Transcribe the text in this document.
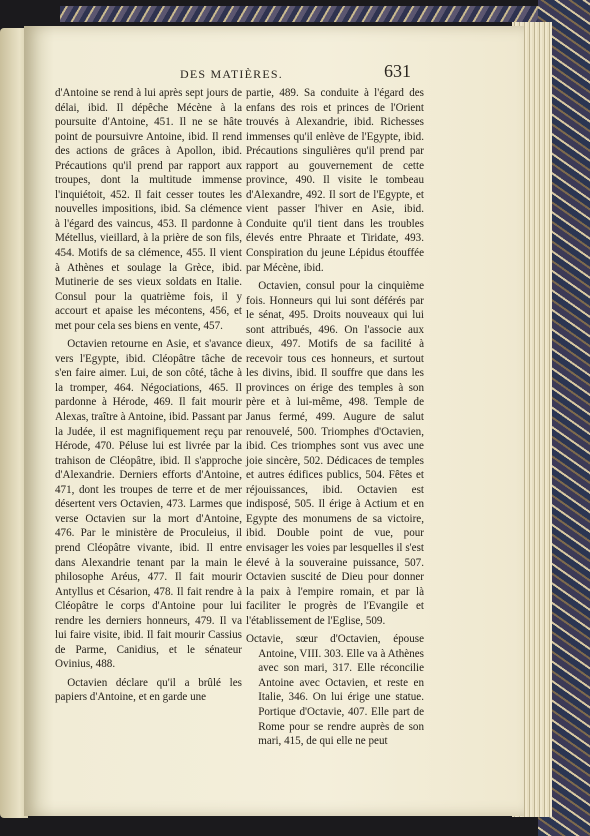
DES MATIÈRES.	631

d'Antoine se rend à lui après sept jours de délai, ibid. Il dépêche Mécène à la poursuite d'Antoine, 451. Il ne se hâte point de poursuivre Antoine, ibid. Il rend des actions de grâces à Apollon, ibid. Précautions qu'il prend par rapport aux troupes, dont la multitude immense l'inquiétoit, 452. Il fait cesser toutes les nouvelles impositions, ibid. Sa clémence à l'égard des vaincus, 453. Il pardonne à Métellus, vieillard, à la prière de son fils, 454. Motifs de sa clémence, 455. Il vient à Athènes et soulage la Grèce, ibid. Mutinerie de ses vieux soldats en Italie. Consul pour la quatrième fois, il y accourt et apaise les mécontens, 456, et met pour cela ses biens en vente, 457.

Octavien retourne en Asie, et s'avance vers l'Egypte, ibid. Cléopâtre tâche de s'en faire aimer. Lui, de son côté, tâche à la tromper, 464. Négociations, 465. Il pardonne à Hérode, 469. Il fait mourir Alexas, traître à Antoine, ibid. Passant par la Judée, il est magnifiquement reçu par Hérode, 470. Péluse lui est livrée par la trahison de Cléopâtre, ibid. Il s'approche d'Alexandrie. Derniers efforts d'Antoine, 471, dont les troupes de terre et de mer désertent vers Octavien, 473. Larmes que verse Octavien sur la mort d'Antoine, 476. Par le ministère de Proculeius, il prend Cléopâtre vivante, ibid. Il entre dans Alexandrie tenant par la main le philosophe Aréus, 477. Il fait mourir Antyllus et Césarion, 478. Il fait rendre à Cléopâtre le corps d'Antoine pour lui rendre les derniers honneurs, 479. Il va lui faire visite, ibid. Il fait mourir Cassius de Parme, Canidius, et le sénateur Ovinius, 488.

Octavien déclare qu'il a brûlé les papiers d'Antoine, et en garde une

partie, 489. Sa conduite à l'égard des enfans des rois et princes de l'Orient trouvés à Alexandrie, ibid. Richesses immenses qu'il enlève de l'Egypte, ibid. Précautions singulières qu'il prend par rapport au gouvernement de cette province, 490. Il visite le tombeau d'Alexandre, 492. Il sort de l'Egypte, et vient passer l'hiver en Asie, ibid. Conduite qu'il tient dans les troubles élevés entre Phraate et Tiridate, 493. Conspiration du jeune Lépidus étouffée par Mécène, ibid.

Octavien, consul pour la cinquième fois. Honneurs qui lui sont déférés par le sénat, 495. Droits nouveaux qui lui sont attribués, 496. On l'associe aux dieux, 497. Motifs de sa facilité à recevoir tous ces honneurs, et surtout les divins, ibid. Il souffre que dans les provinces on érige des temples à son père et à lui-même, 498. Temple de Janus fermé, 499. Augure de salut renouvelé, 500. Triomphes d'Octavien, ibid. Ces triomphes sont vus avec une joie sincère, 502. Dédicaces de temples et autres édifices publics, 504. Fêtes et réjouissances, ibid. Octavien est indisposé, 505. Il érige à Actium et en Egypte des monumens de sa victoire, ibid. Double point de vue, pour envisager les voies par lesquelles il s'est élevé à la souveraine puissance, 507. Octavien suscité de Dieu pour donner la paix à l'empire romain, et par là faciliter le progrès de l'Evangile et l'établissement de l'Eglise, 509.

Octavie, sœur d'Octavien, épouse Antoine, VIII. 303. Elle va à Athènes avec son mari, 317. Elle réconcilie Antoine avec Octavien, et reste en Italie, 346. On lui érige une statue. Portique d'Octavie, 407. Elle part de Rome pour se rendre auprès de son mari, 415, de qui elle ne peut
